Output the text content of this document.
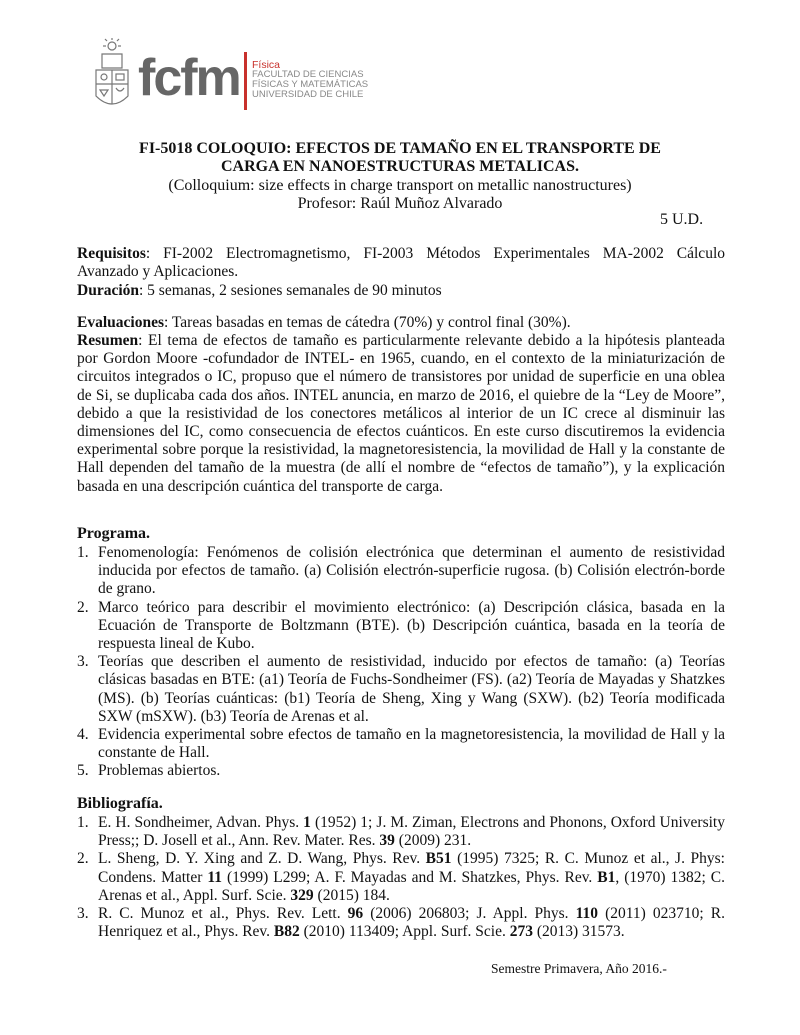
fcfm Física
FACULTAD DE CIENCIAS
FÍSICAS Y MATEMÁTICAS
UNIVERSIDAD DE CHILE
FI-5018 COLOQUIO: EFECTOS DE TAMAÑO EN EL TRANSPORTE DE
CARGA EN NANOESTRUCTURAS METALICAS.
(Colloquium: size effects in charge transport on metallic nanostructures)
Profesor: Raúl Muñoz Alvarado
5 U.D.
Requisitos: FI-2002 Electromagnetismo, FI-2003 Métodos Experimentales MA-2002 Cálculo Avanzado y Aplicaciones.
Duración: 5 semanas, 2 sesiones semanales de 90 minutos
Evaluaciones: Tareas basadas en temas de cátedra (70%) y control final (30%).
Resumen: El tema de efectos de tamaño es particularmente relevante debido a la hipótesis planteada por Gordon Moore -cofundador de INTEL- en 1965, cuando, en el contexto de la miniaturización de circuitos integrados o IC, propuso que el número de transistores por unidad de superficie en una oblea de Si, se duplicaba cada dos años. INTEL anuncia, en marzo de 2016, el quiebre de la “Ley de Moore”, debido a que la resistividad de los conectores metálicos al interior de un IC crece al disminuir las dimensiones del IC, como consecuencia de efectos cuánticos. En este curso discutiremos la evidencia experimental sobre porque la resistividad, la magnetoresistencia, la movilidad de Hall y la constante de Hall dependen del tamaño de la muestra (de allí el nombre de “efectos de tamaño”), y la explicación basada en una descripción cuántica del transporte de carga.
Programa.
1. Fenomenología: Fenómenos de colisión electrónica que determinan el aumento de resistividad inducida por efectos de tamaño. (a) Colisión electrón-superficie rugosa. (b) Colisión electrón-borde de grano.
2. Marco teórico para describir el movimiento electrónico: (a) Descripción clásica, basada en la Ecuación de Transporte de Boltzmann (BTE). (b) Descripción cuántica, basada en la teoría de respuesta lineal de Kubo.
3. Teorías que describen el aumento de resistividad, inducido por efectos de tamaño: (a) Teorías clásicas basadas en BTE: (a1) Teoría de Fuchs-Sondheimer (FS). (a2) Teoría de Mayadas y Shatzkes (MS). (b) Teorías cuánticas: (b1) Teoría de Sheng, Xing y Wang (SXW). (b2) Teoría modificada SXW (mSXW). (b3) Teoría de Arenas et al.
4. Evidencia experimental sobre efectos de tamaño en la magnetoresistencia, la movilidad de Hall y la constante de Hall.
5. Problemas abiertos.
Bibliografía.
1. E. H. Sondheimer, Advan. Phys. 1 (1952) 1; J. M. Ziman, Electrons and Phonons, Oxford University Press;; D. Josell et al., Ann. Rev. Mater. Res. 39 (2009) 231.
2. L. Sheng, D. Y. Xing and Z. D. Wang, Phys. Rev. B51 (1995) 7325; R. C. Munoz et al., J. Phys: Condens. Matter 11 (1999) L299; A. F. Mayadas and M. Shatzkes, Phys. Rev. B1, (1970) 1382; C. Arenas et al., Appl. Surf. Scie. 329 (2015) 184.
3. R. C. Munoz et al., Phys. Rev. Lett. 96 (2006) 206803; J. Appl. Phys. 110 (2011) 023710; R. Henriquez et al., Phys. Rev. B82 (2010) 113409; Appl. Surf. Scie. 273 (2013) 31573.
Semestre Primavera, Año 2016.-
